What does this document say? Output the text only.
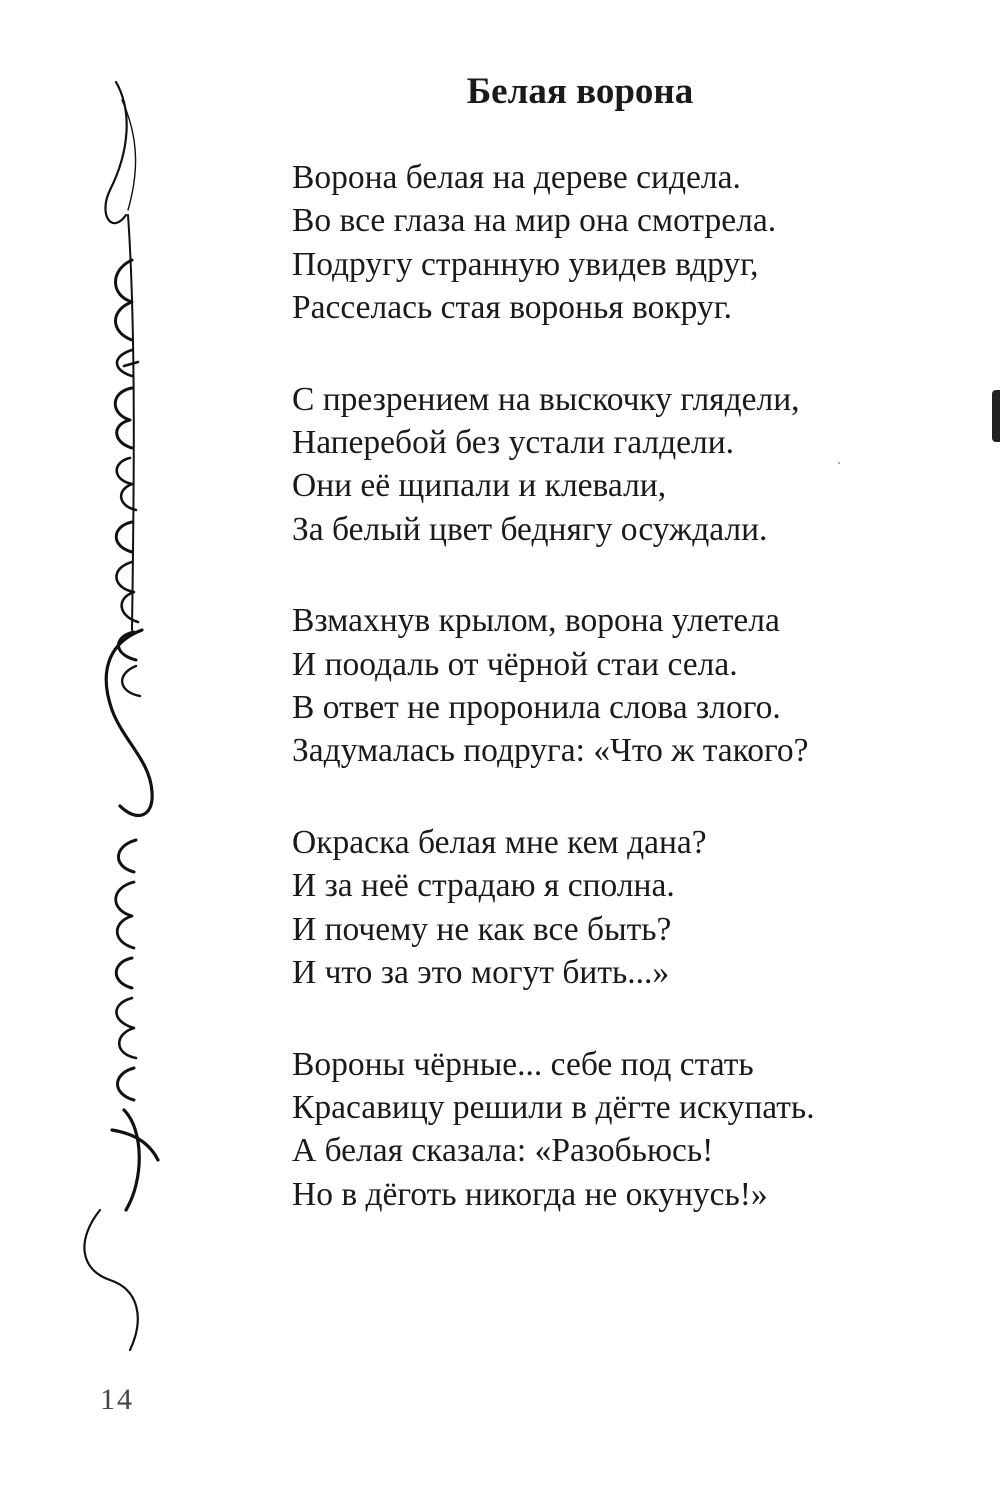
Белая ворона
Ворона белая на дереве сидела.
Во все глаза на мир она смотрела.
Подругу странную увидев вдруг,
Расселась стая воронья вокруг.
С презрением на выскочку глядели,
Наперебой без устали галдели.
Они её щипали и клевали,
За белый цвет беднягу осуждали.
Взмахнув крылом, ворона улетела
И поодаль от чёрной стаи села.
В ответ не проронила слова злого.
Задумалась подруга: «Что ж такого?
Окраска белая мне кем дана?
И за неё страдаю я сполна.
И почему не как все быть?
И что за это могут бить...»
Вороны чёрные... себе под стать
Красавицу решили в дёгте искупать.
А белая сказала: «Разобьюсь!
Но в дёготь никогда не окунусь!»
14
